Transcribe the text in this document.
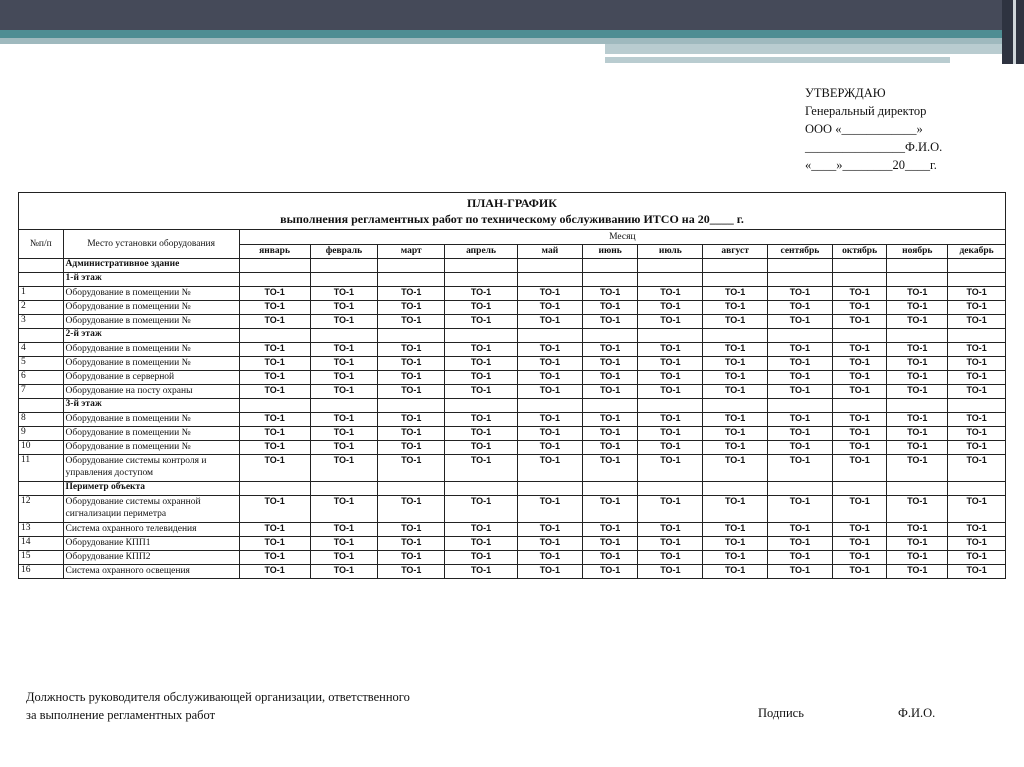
УТВЕРЖДАЮ
Генеральный директор
ООО «____________»
________________Ф.И.О.
«____»________20____г.
ПЛАН-ГРАФИК
выполнения регламентных работ по техническому обслуживанию ИТСО на 20____ г.													

№п/п	Место установки оборудования	Месяц											
		январь	февраль	март	апрель	май	июнь	июль	август	сентябрь	октябрь	ноябрь	декабрь
	Административное здание												
	1-й этаж												
1	Оборудование в помещении №	ТО-1	ТО-1	ТО-1	ТО-1	ТО-1	ТО-1	ТО-1	ТО-1	ТО-1	ТО-1	ТО-1	ТО-1
2	Оборудование в помещении №	ТО-1	ТО-1	ТО-1	ТО-1	ТО-1	ТО-1	ТО-1	ТО-1	ТО-1	ТО-1	ТО-1	ТО-1
3	Оборудование в помещении №	ТО-1	ТО-1	ТО-1	ТО-1	ТО-1	ТО-1	ТО-1	ТО-1	ТО-1	ТО-1	ТО-1	ТО-1
	2-й этаж												
4	Оборудование в помещении №	ТО-1	ТО-1	ТО-1	ТО-1	ТО-1	ТО-1	ТО-1	ТО-1	ТО-1	ТО-1	ТО-1	ТО-1
5	Оборудование в помещении №	ТО-1	ТО-1	ТО-1	ТО-1	ТО-1	ТО-1	ТО-1	ТО-1	ТО-1	ТО-1	ТО-1	ТО-1
6	Оборудование в серверной	ТО-1	ТО-1	ТО-1	ТО-1	ТО-1	ТО-1	ТО-1	ТО-1	ТО-1	ТО-1	ТО-1	ТО-1
7	Оборудование на посту охраны	ТО-1	ТО-1	ТО-1	ТО-1	ТО-1	ТО-1	ТО-1	ТО-1	ТО-1	ТО-1	ТО-1	ТО-1
	3-й этаж												
8	Оборудование в помещении №	ТО-1	ТО-1	ТО-1	ТО-1	ТО-1	ТО-1	ТО-1	ТО-1	ТО-1	ТО-1	ТО-1	ТО-1
9	Оборудование в помещении №	ТО-1	ТО-1	ТО-1	ТО-1	ТО-1	ТО-1	ТО-1	ТО-1	ТО-1	ТО-1	ТО-1	ТО-1
10	Оборудование в помещении №	ТО-1	ТО-1	ТО-1	ТО-1	ТО-1	ТО-1	ТО-1	ТО-1	ТО-1	ТО-1	ТО-1	ТО-1
11	Оборудование системы контроля и управления доступом	ТО-1	ТО-1	ТО-1	ТО-1	ТО-1	ТО-1	ТО-1	ТО-1	ТО-1	ТО-1	ТО-1	ТО-1
	Периметр объекта												
12	Оборудование системы охранной сигнализации периметра	ТО-1	ТО-1	ТО-1	ТО-1	ТО-1	ТО-1	ТО-1	ТО-1	ТО-1	ТО-1	ТО-1	ТО-1
13	Система охранного телевидения	ТО-1	ТО-1	ТО-1	ТО-1	ТО-1	ТО-1	ТО-1	ТО-1	ТО-1	ТО-1	ТО-1	ТО-1
14	Оборудование КПП1	ТО-1	ТО-1	ТО-1	ТО-1	ТО-1	ТО-1	ТО-1	ТО-1	ТО-1	ТО-1	ТО-1	ТО-1
15	Оборудование КПП2	ТО-1	ТО-1	ТО-1	ТО-1	ТО-1	ТО-1	ТО-1	ТО-1	ТО-1	ТО-1	ТО-1	ТО-1
16	Система охранного освещения	ТО-1	ТО-1	ТО-1	ТО-1	ТО-1	ТО-1	ТО-1	ТО-1	ТО-1	ТО-1	ТО-1	ТО-1
Должность руководителя обслуживающей организации, ответственного
за выполнение регламентных работ	Подпись	Ф.И.О.
